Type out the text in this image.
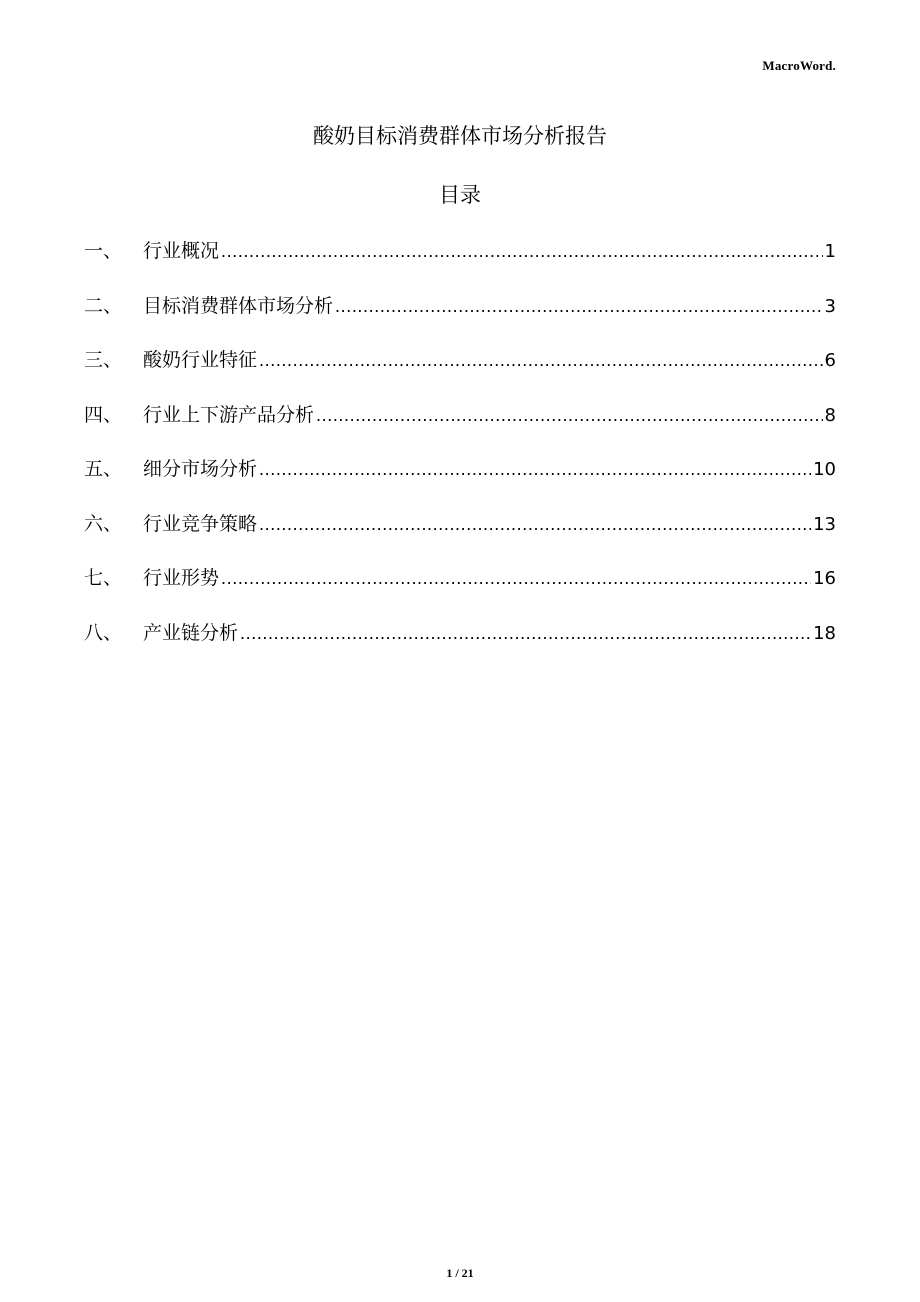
MacroWord.
酸奶目标消费群体市场分析报告
目录
一、	行业概况 .....	1
二、	目标消费群体市场分析 .....	3
三、	酸奶行业特征 .....	6
四、	行业上下游产品分析 .....	8
五、	细分市场分析 .....	10
六、	行业竞争策略 .....	13
七、	行业形势 .....	16
八、	产业链分析 .....	18
1 / 21
